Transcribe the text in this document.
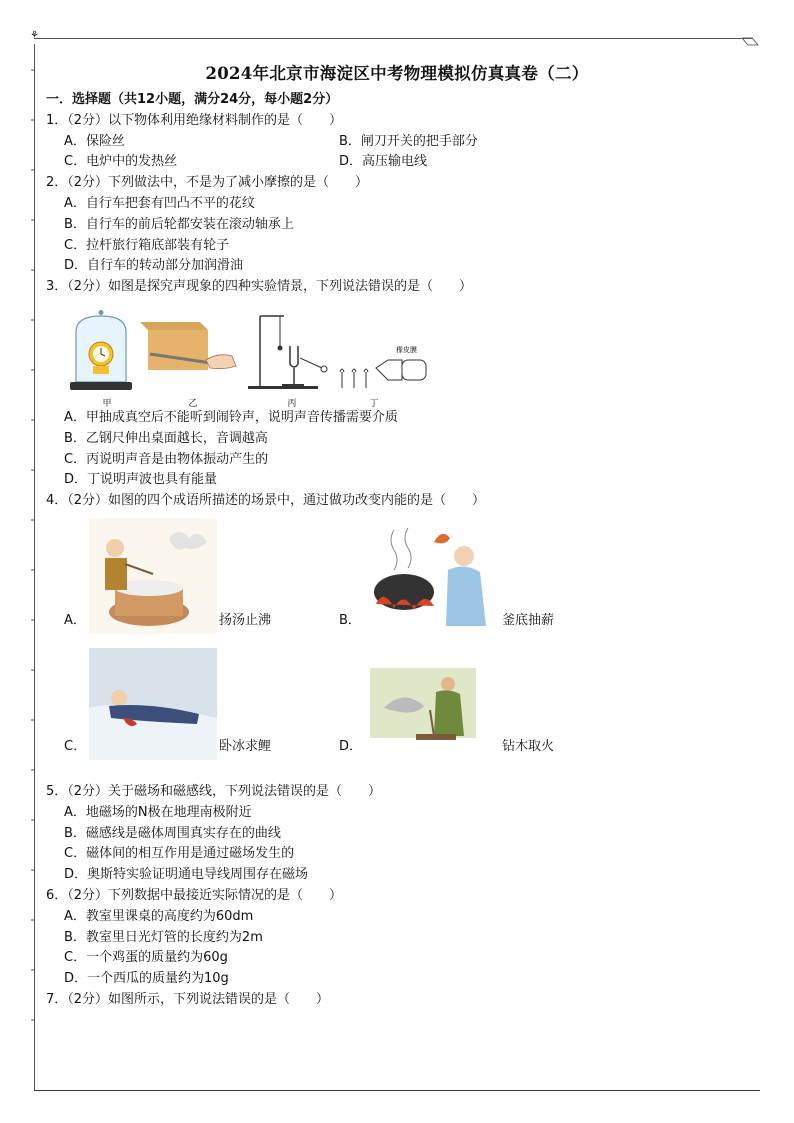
⚘
2024年北京市海淀区中考物理模拟仿真真卷（二）
一．选择题（共12小题，满分24分，每小题2分）
1．（2分）以下物体利用绝缘材料制作的是（　　）
A．保险丝	B．闸刀开关的把手部分
C．电炉中的发热丝	D．高压输电线
2．（2分）下列做法中，不是为了减小摩擦的是（　　）
A．自行车把套有凹凸不平的花纹
B．自行车的前后轮都安装在滚动轴承上
C．拉杆旅行箱底部装有轮子
D．自行车的转动部分加润滑油
3．（2分）如图是探究声现象的四种实验情景，下列说法错误的是（　　）
橡皮膜
甲	乙	丙	丁
A．甲抽成真空后不能听到闹铃声，说明声音传播需要介质
B．乙钢尺伸出桌面越长，音调越高
C．丙说明声音是由物体振动产生的
D．丁说明声波也具有能量
4．（2分）如图的四个成语所描述的场景中，通过做功改变内能的是（　　）
A．	扬汤止沸	B．	釜底抽薪
C．	卧冰求鲤	D．	钻木取火
5．（2分）关于磁场和磁感线，下列说法错误的是（　　）
A．地磁场的N极在地理南极附近
B．磁感线是磁体周围真实存在的曲线
C．磁体间的相互作用是通过磁场发生的
D．奥斯特实验证明通电导线周围存在磁场
6．（2分）下列数据中最接近实际情况的是（　　）
A．教室里课桌的高度约为60dm
B．教室里日光灯管的长度约为2m
C．一个鸡蛋的质量约为60g
D．一个西瓜的质量约为10g
7．（2分）如图所示，下列说法错误的是（　　）
